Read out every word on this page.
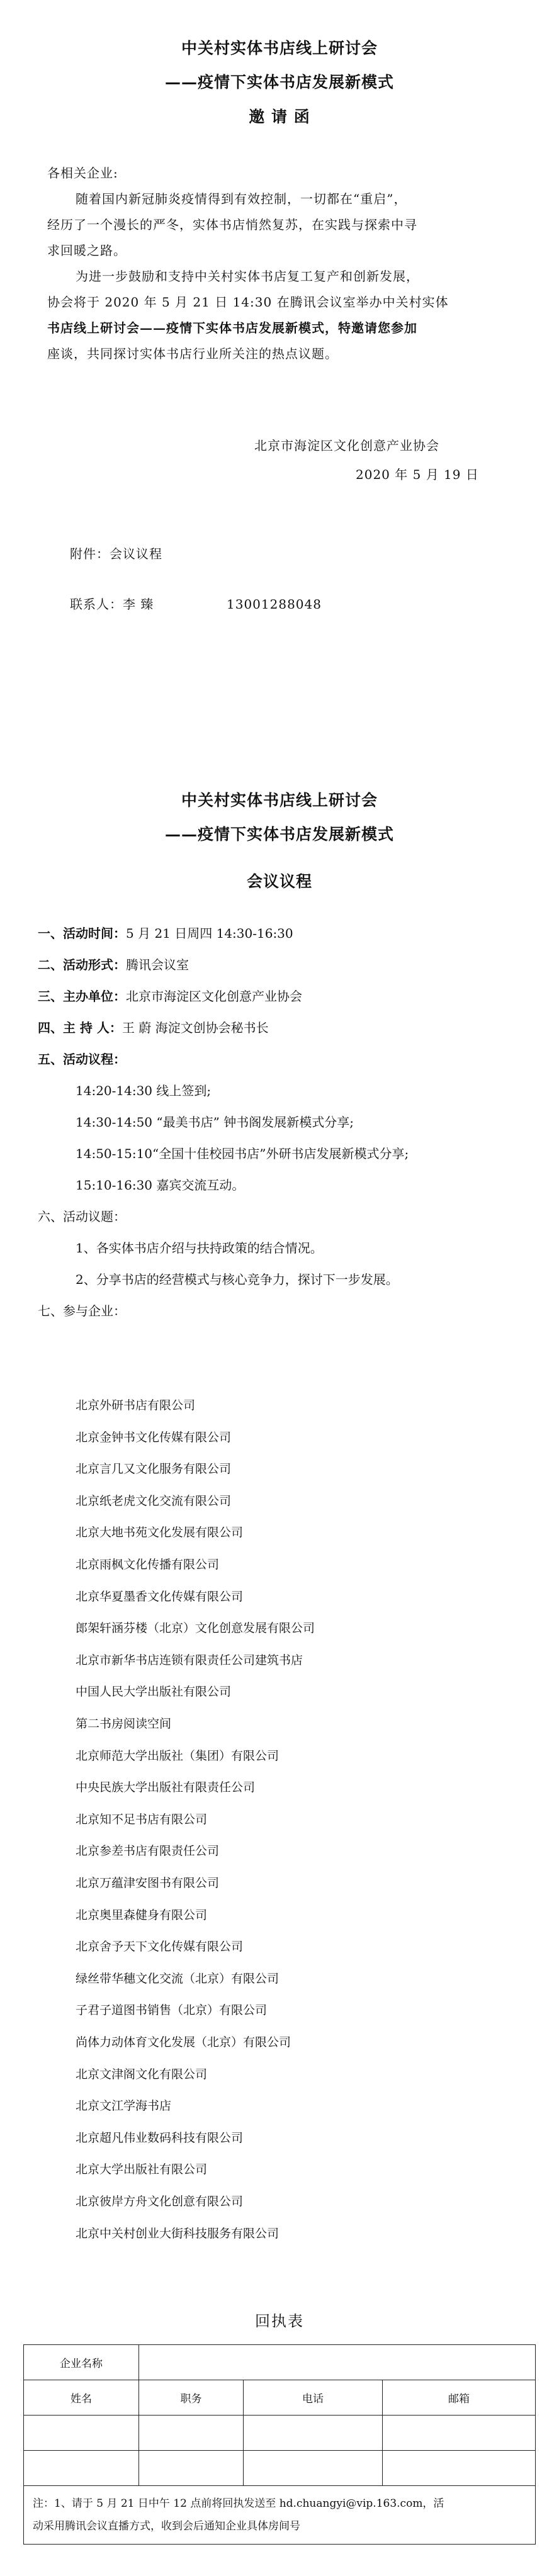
中关村实体书店线上研讨会
——疫情下实体书店发展新模式
邀 请 函
各相关企业:
随着国内新冠肺炎疫情得到有效控制，一切都在“重启”，
经历了一个漫长的严冬，实体书店悄然复苏，在实践与探索中寻
求回暖之路。
为进一步鼓励和支持中关村实体书店复工复产和创新发展，
协会将于 2020 年 5 月 21 日 14:30 在腾讯会议室举办中关村实体
书店线上研讨会——疫情下实体书店发展新模式，特邀请您参加
座谈，共同探讨实体书店行业所关注的热点议题。
北京市海淀区文化创意产业协会
2020 年 5 月 19 日
附件：会议议程
联系人：李 臻	13001288048
中关村实体书店线上研讨会
——疫情下实体书店发展新模式
会议议程
一、活动时间：5 月 21 日周四 14:30-16:30
二、活动形式：腾讯会议室
三、主办单位：北京市海淀区文化创意产业协会
四、主 持 人：王 蔚 海淀文创协会秘书长
五、活动议程：
14:20-14:30 线上签到;
14:30-14:50 “最美书店” 钟书阁发展新模式分享;
14:50-15:10“全国十佳校园书店”外研书店发展新模式分享;
15:10-16:30 嘉宾交流互动。
六、活动议题：
1、各实体书店介绍与扶持政策的结合情况。
2、分享书店的经营模式与核心竞争力，探讨下一步发展。
七、参与企业：
北京外研书店有限公司
北京金钟书文化传媒有限公司
北京言几又文化服务有限公司
北京纸老虎文化交流有限公司
北京大地书苑文化发展有限公司
北京雨枫文化传播有限公司
北京华夏墨香文化传媒有限公司
郎架轩涵芬楼（北京）文化创意发展有限公司
北京市新华书店连锁有限责任公司建筑书店
中国人民大学出版社有限公司
第二书房阅读空间
北京师范大学出版社（集团）有限公司
中央民族大学出版社有限责任公司
北京知不足书店有限公司
北京参差书店有限责任公司
北京万蕴津安图书有限公司
北京奥里森健身有限公司
北京舍予天下文化传媒有限公司
绿丝带华穗文化交流（北京）有限公司
子君子道图书销售（北京）有限公司
尚体力动体育文化发展（北京）有限公司
北京文津阁文化有限公司
北京文江学海书店
北京超凡伟业数码科技有限公司
北京大学出版社有限公司
北京彼岸方舟文化创意有限公司
北京中关村创业大街科技服务有限公司
回执表
企业名称			
姓名	职务	电话	邮箱

注：1、请于 5 月 21 日中午 12 点前将回执发送至 hd.chuangyi@vip.163.com，活
动采用腾讯会议直播方式，收到会后通知企业具体房间号			
